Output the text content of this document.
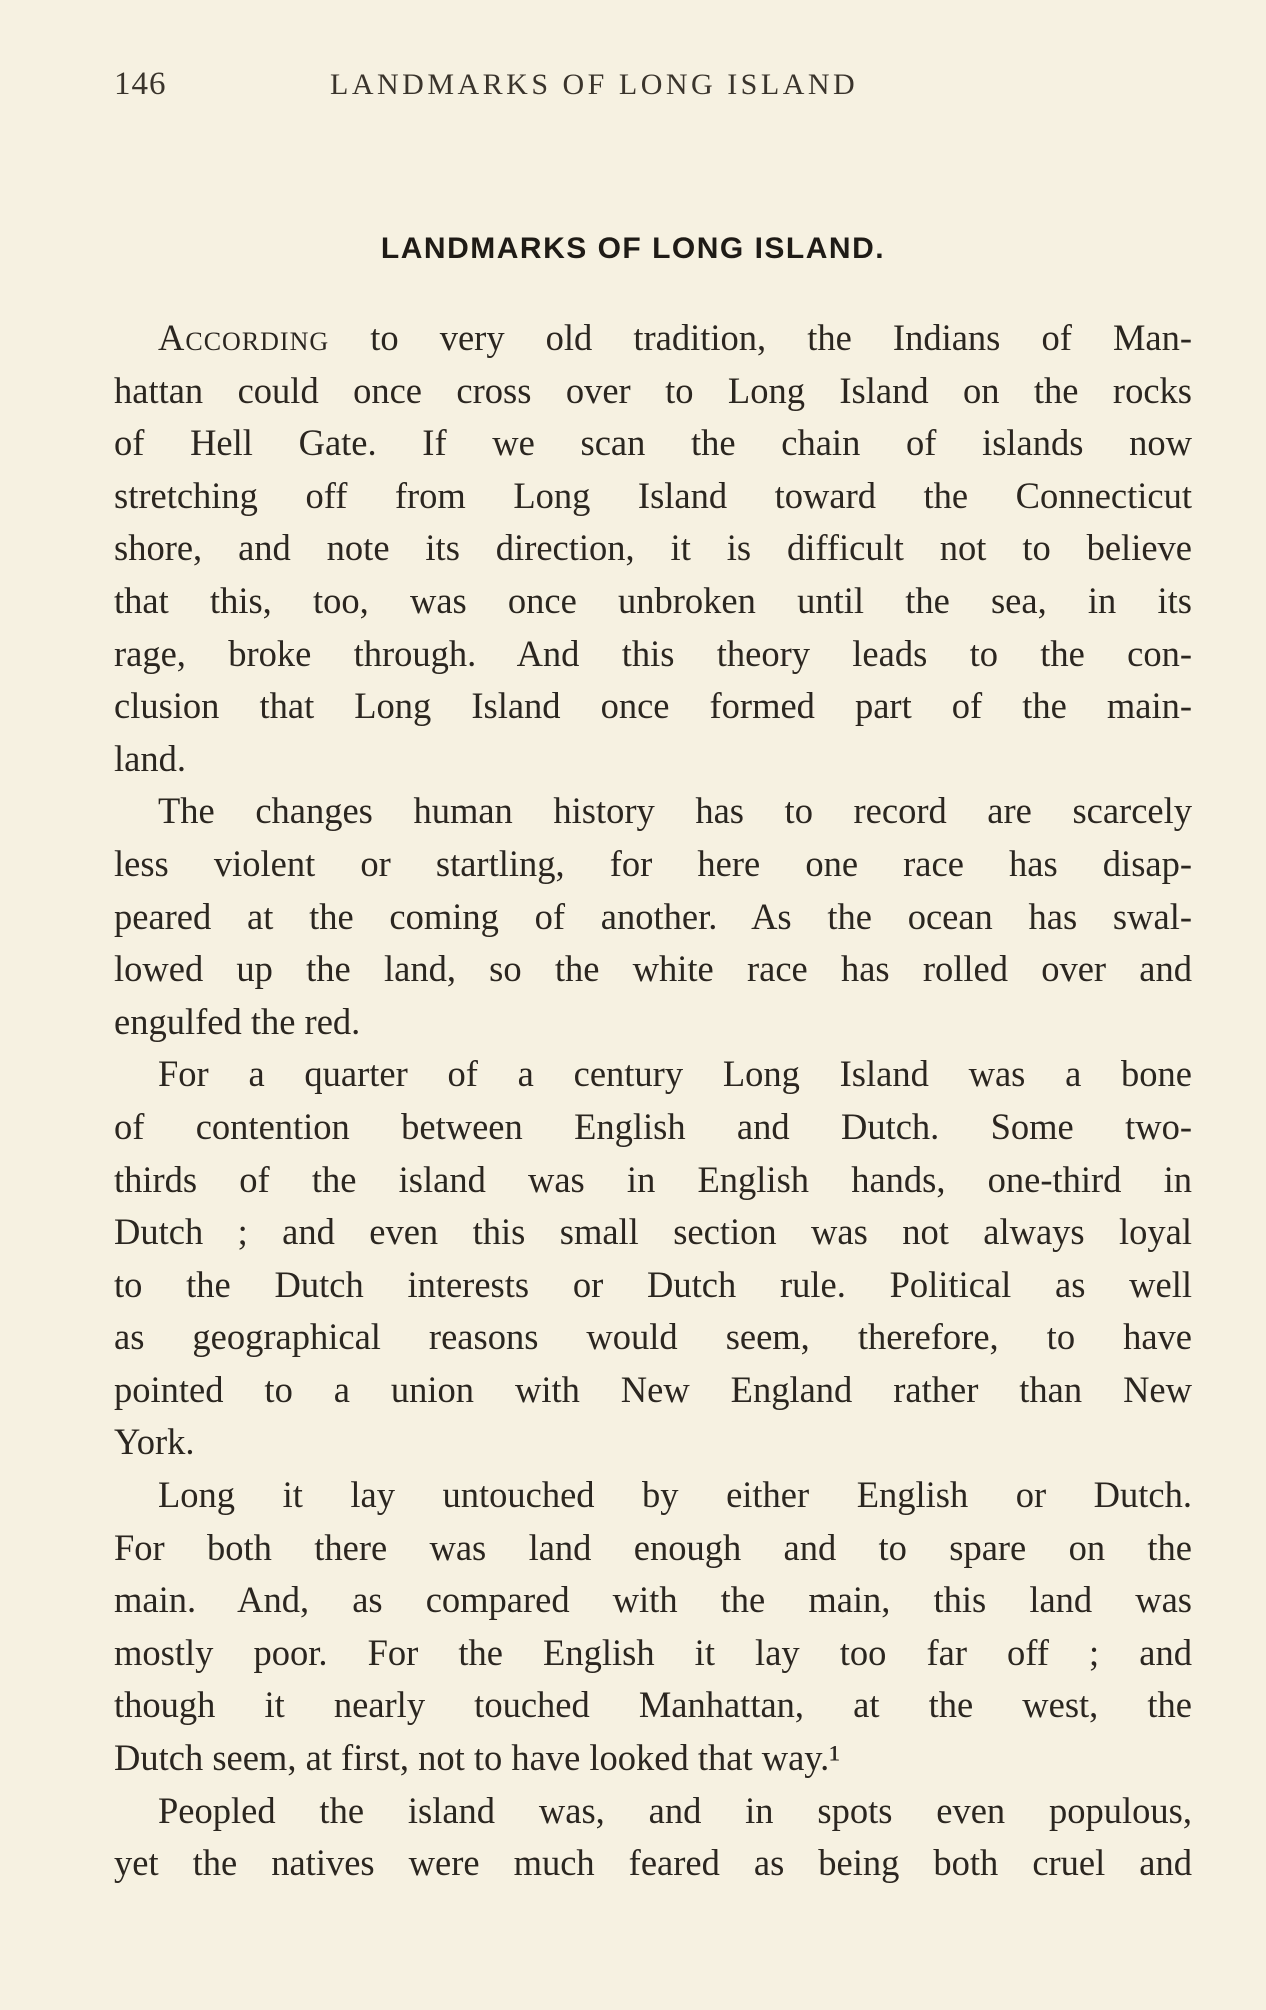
146	LANDMARKS OF LONG ISLAND
LANDMARKS OF LONG ISLAND.
According to very old tradition, the Indians of Man-
hattan could once cross over to Long Island on the rocks
of Hell Gate. If we scan the chain of islands now
stretching off from Long Island toward the Connecticut
shore, and note its direction, it is difficult not to believe
that this, too, was once unbroken until the sea, in its
rage, broke through. And this theory leads to the con-
clusion that Long Island once formed part of the main-
land.
The changes human history has to record are scarcely
less violent or startling, for here one race has disap-
peared at the coming of another. As the ocean has swal-
lowed up the land, so the white race has rolled over and
engulfed the red.
For a quarter of a century Long Island was a bone
of contention between English and Dutch. Some two-
thirds of the island was in English hands, one-third in
Dutch ; and even this small section was not always loyal
to the Dutch interests or Dutch rule. Political as well
as geographical reasons would seem, therefore, to have
pointed to a union with New England rather than New
York.
Long it lay untouched by either English or Dutch.
For both there was land enough and to spare on the
main. And, as compared with the main, this land was
mostly poor. For the English it lay too far off ; and
though it nearly touched Manhattan, at the west, the
Dutch seem, at first, not to have looked that way.¹
Peopled the island was, and in spots even populous,
yet the natives were much feared as being both cruel and
